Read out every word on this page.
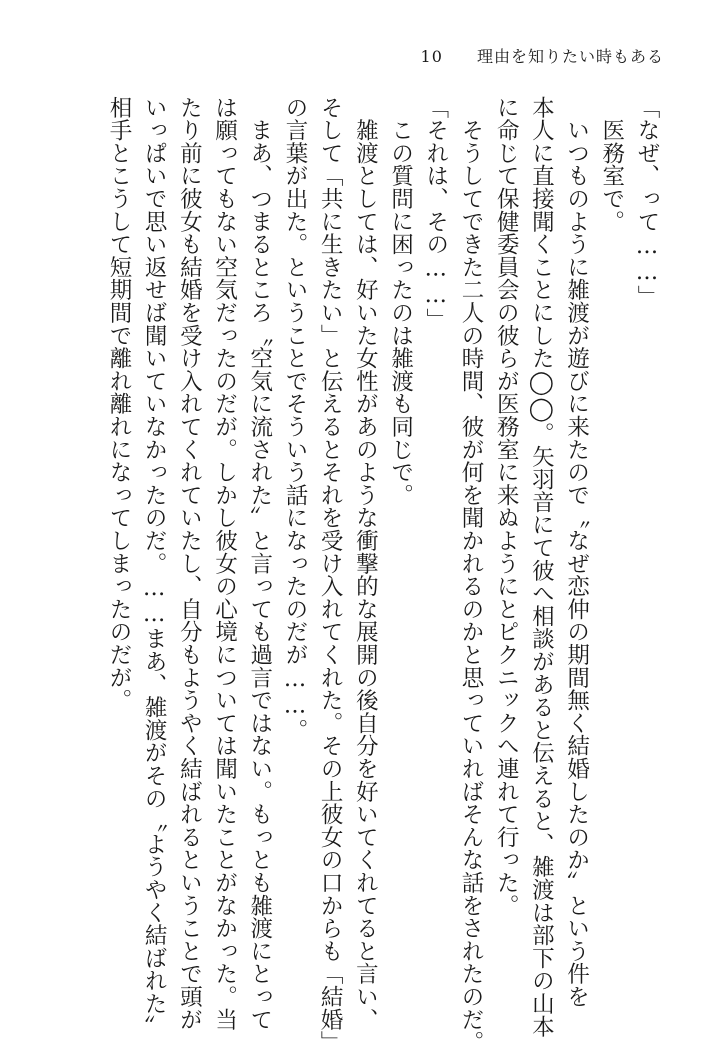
10 理由を知りたい時もある
「なぜ、って……」
　医務室で。
　いつものように雑渡が遊びに来たので〝なぜ恋仲の期間無く結婚したのか〟という件を
本人に直接聞くことにした◯◯。矢羽音にて彼へ相談があると伝えると、雑渡は部下の山本
に命じて保健委員会の彼らが医務室に来ぬようにとピクニックへ連れて行った。
　そうしてできた二人の時間、彼が何を聞かれるのかと思っていればそんな話をされたのだ。
「それは、その……」
　この質問に困ったのは雑渡も同じで。
　雑渡としては、好いた女性があのような衝撃的な展開の後自分を好いてくれてると言い、
そして「共に生きたい」と伝えるとそれを受け入れてくれた。その上彼女の口からも「結婚」
の言葉が出た。ということでそういう話になったのだが……。
　まあ、つまるところ〝空気に流された〟と言っても過言ではない。もっとも雑渡にとって
は願ってもない空気だったのだが。しかし彼女の心境については聞いたことがなかった。当
たり前に彼女も結婚を受け入れてくれていたし、自分もようやく結ばれるということで頭が
いっぱいで思い返せば聞いていなかったのだ。……まあ、雑渡がその〝ようやく結ばれた〟
相手とこうして短期間で離れ離れになってしまったのだが。
